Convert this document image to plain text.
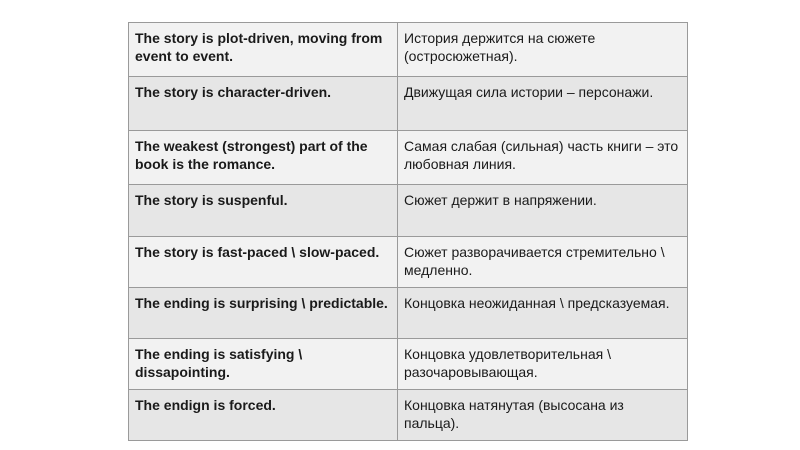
The story is plot-driven, moving from event to event.	История держится на сюжете (остросюжетная).
The story is character-driven.	Движущая сила истории – персонажи.
The weakest (strongest) part of the book is the romance.	Самая слабая (сильная) часть книги – это любовная линия.
The story is suspenful.	Сюжет держит в напряжении.
The story is fast-paced \ slow-paced.	Сюжет разворачивается стремительно \ медленно.
The ending is surprising \ predictable.	Концовка неожиданная \ предсказуемая.
The ending is satisfying \ dissapointing.	Концовка удовлетворительная \ разочаровывающая.
The endign is forced.	Концовка натянутая (высосана из пальца).
